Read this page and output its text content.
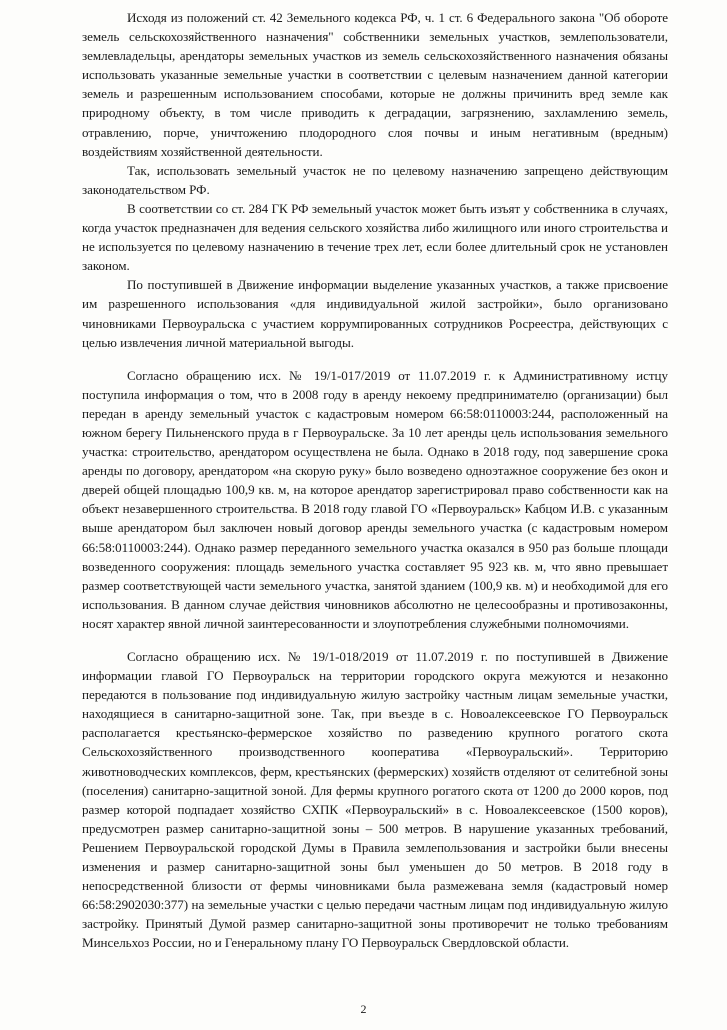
Исходя из положений ст. 42 Земельного кодекса РФ, ч. 1 ст. 6 Федерального закона "Об обороте земель сельскохозяйственного назначения" собственники земельных участков, землепользователи, землевладельцы, арендаторы земельных участков из земель сельскохозяйственного назначения обязаны использовать указанные земельные участки в соответствии с целевым назначением данной категории земель и разрешенным использованием способами, которые не должны причинить вред земле как природному объекту, в том числе приводить к деградации, загрязнению, захламлению земель, отравлению, порче, уничтожению плодородного слоя почвы и иным негативным (вредным) воздействиям хозяйственной деятельности.

Так, использовать земельный участок не по целевому назначению запрещено действующим законодательством РФ.

В соответствии со ст. 284 ГК РФ земельный участок может быть изъят у собственника в случаях, когда участок предназначен для ведения сельского хозяйства либо жилищного или иного строительства и не используется по целевому назначению в течение трех лет, если более длительный срок не установлен законом.

По поступившей в Движение информации выделение указанных участков, а также присвоение им разрешенного использования «для индивидуальной жилой застройки», было организовано чиновниками Первоуральска с участием коррумпированных сотрудников Росреестра, действующих с целью извлечения личной материальной выгоды.

Согласно обращению исх. № 19/1-017/2019 от 11.07.2019 г. к Административному истцу поступила информация о том, что в 2008 году в аренду некоему предпринимателю (организации) был передан в аренду земельный участок с кадастровым номером 66:58:0110003:244, расположенный на южном берегу Пильненского пруда в г Первоуральске. За 10 лет аренды цель использования земельного участка: строительство, арендатором осуществлена не была. Однако в 2018 году, под завершение срока аренды по договору, арендатором «на скорую руку» было возведено одноэтажное сооружение без окон и дверей общей площадью 100,9 кв. м, на которое арендатор зарегистрировал право собственности как на объект незавершенного строительства. В 2018 году главой ГО «Первоуральск» Кабцом И.В. с указанным выше арендатором был заключен новый договор аренды земельного участка (с кадастровым номером 66:58:0110003:244). Однако размер переданного земельного участка оказался в 950 раз больше площади возведенного сооружения: площадь земельного участка составляет 95 923 кв. м, что явно превышает размер соответствующей части земельного участка, занятой зданием (100,9 кв. м) и необходимой для его использования. В данном случае действия чиновников абсолютно не целесообразны и противозаконны, носят характер явной личной заинтересованности и злоупотребления служебными полномочиями.

Согласно обращению исх. № 19/1-018/2019 от 11.07.2019 г. по поступившей в Движение информации главой ГО Первоуральск на территории городского округа межуются и незаконно передаются в пользование под индивидуальную жилую застройку частным лицам земельные участки, находящиеся в санитарно-защитной зоне. Так, при въезде в с. Новоалексеевское ГО Первоуральск располагается крестьянско-фермерское хозяйство по разведению крупного рогатого скота Сельскохозяйственного производственного кооператива «Первоуральский». Территорию животноводческих комплексов, ферм, крестьянских (фермерских) хозяйств отделяют от селитебной зоны (поселения) санитарно-защитной зоной. Для фермы крупного рогатого скота от 1200 до 2000 коров, под размер которой подпадает хозяйство СХПК «Первоуральский» в с. Новоалексеевское (1500 коров), предусмотрен размер санитарно-защитной зоны – 500 метров. В нарушение указанных требований, Решением Первоуральской городской Думы в Правила землепользования и застройки были внесены изменения и размер санитарно-защитной зоны был уменьшен до 50 метров. В 2018 году в непосредственной близости от фермы чиновниками была размежевана земля (кадастровый номер 66:58:2902030:377) на земельные участки с целью передачи частным лицам под индивидуальную жилую застройку. Принятый Думой размер санитарно-защитной зоны противоречит не только требованиям Минсельхоз России, но и Генеральному плану ГО Первоуральск Свердловской области.

2
